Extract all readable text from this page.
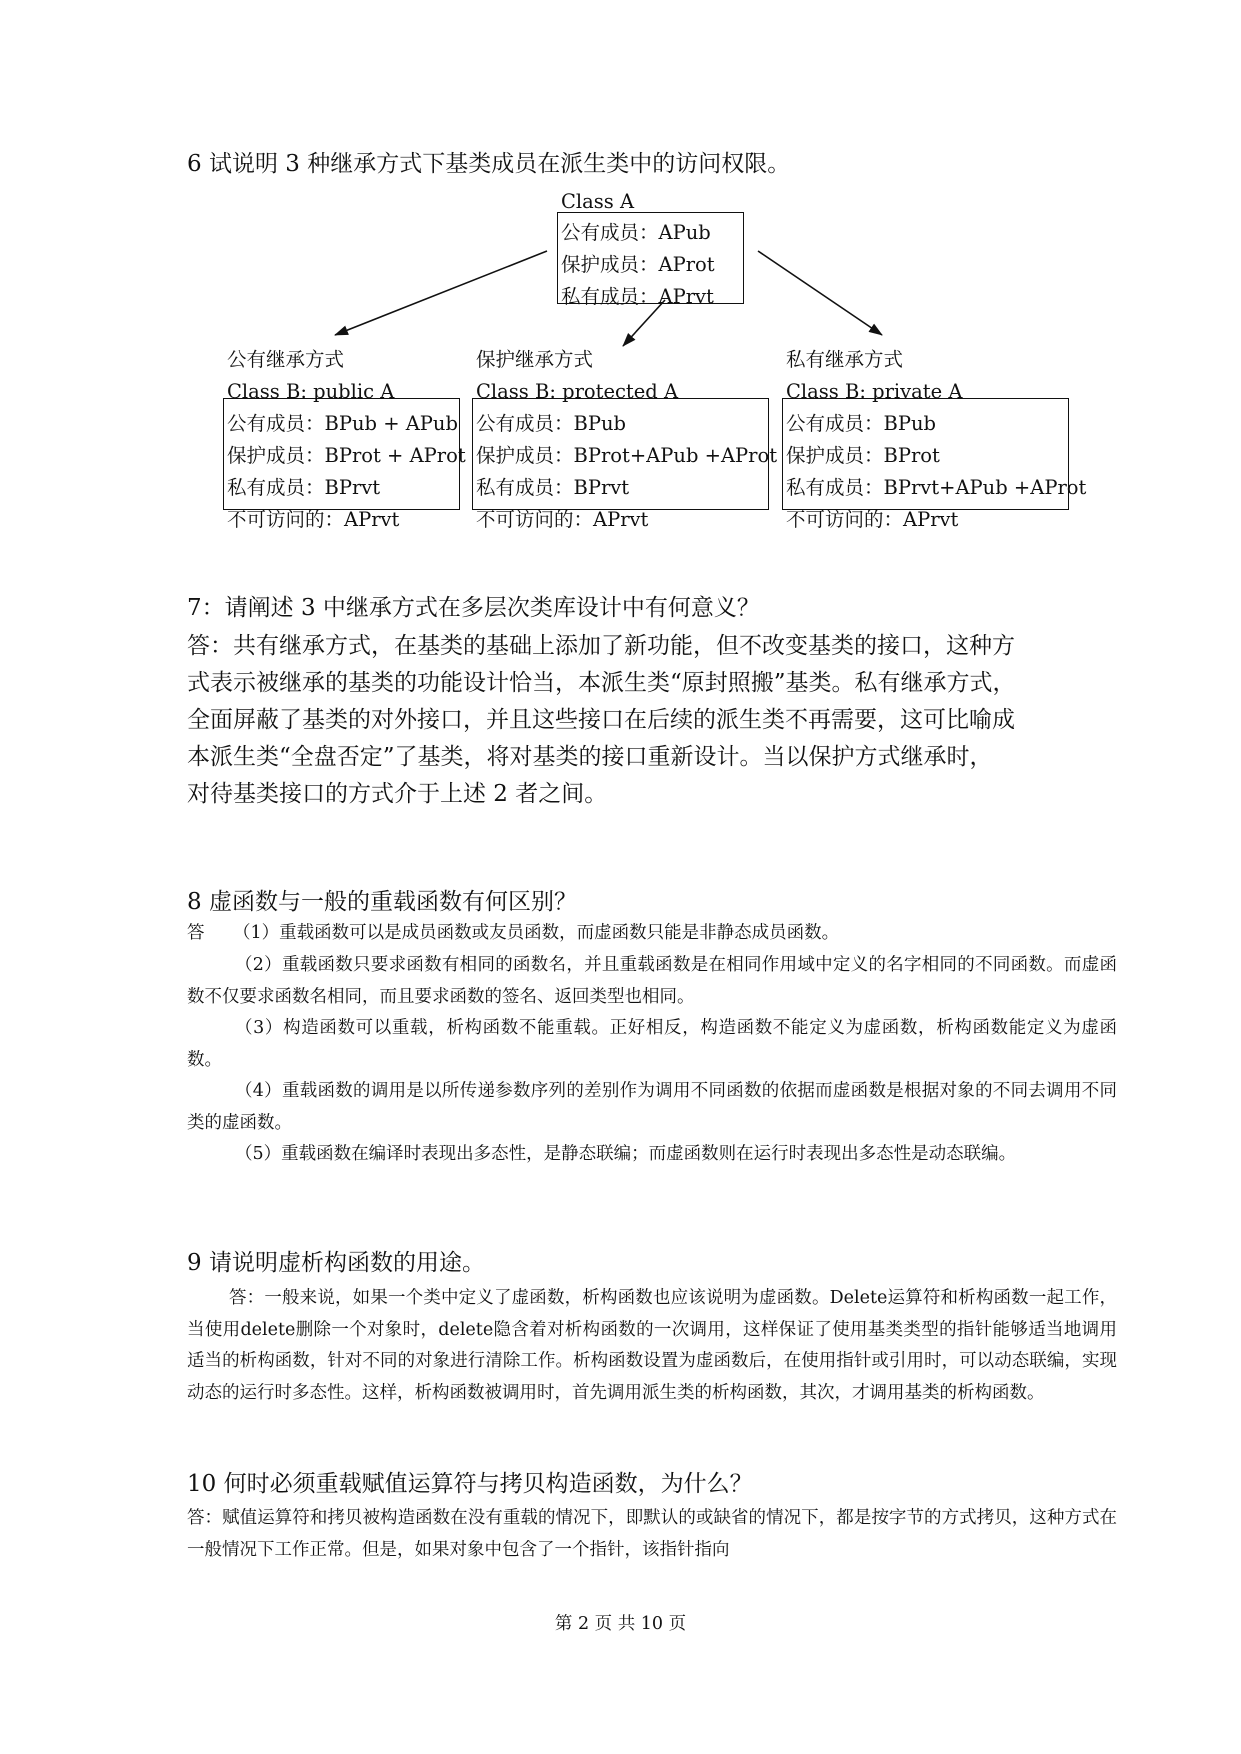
6 试说明 3 种继承方式下基类成员在派生类中的访问权限。
Class A
公有成员：APub
保护成员：AProt
私有成员：APrvt
公有继承方式
Class B: public A
公有成员：BPub + APub
保护成员：BProt + AProt
私有成员：BPrvt
不可访问的：APrvt
保护继承方式
Class B: protected A
公有成员：BPub
保护成员：BProt+APub +AProt
私有成员：BPrvt
不可访问的：APrvt
私有继承方式
Class B: private A
公有成员：BPub
保护成员：BProt
私有成员：BPrvt+APub +AProt
不可访问的：APrvt
7：请阐述 3 中继承方式在多层次类库设计中有何意义？
答：共有继承方式，在基类的基础上添加了新功能，但不改变基类的接口，这种方
式表示被继承的基类的功能设计恰当，本派生类“原封照搬”基类。私有继承方式，
全面屏蔽了基类的对外接口，并且这些接口在后续的派生类不再需要，这可比喻成
本派生类“全盘否定”了基类，将对基类的接口重新设计。当以保护方式继承时，
对待基类接口的方式介于上述 2 者之间。
8 虚函数与一般的重载函数有何区别？
答	（1）重载函数可以是成员函数或友员函数，而虚函数只能是非静态成员函数。
（2）重载函数只要求函数有相同的函数名，并且重载函数是在相同作用域中定义的名字相同的不同函数。而虚函数不仅要求函数名相同，而且要求函数的签名、返回类型也相同。
（3）构造函数可以重载，析构函数不能重载。正好相反，构造函数不能定义为虚函数，析构函数能定义为虚函数。
（4）重载函数的调用是以所传递参数序列的差别作为调用不同函数的依据而虚函数是根据对象的不同去调用不同类的虚函数。
（5）重载函数在编译时表现出多态性，是静态联编；而虚函数则在运行时表现出多态性是动态联编。
9 请说明虚析构函数的用途。
答：一般来说，如果一个类中定义了虚函数，析构函数也应该说明为虚函数。Delete运算符和析构函数一起工作，当使用delete删除一个对象时，delete隐含着对析构函数的一次调用，这样保证了使用基类类型的指针能够适当地调用适当的析构函数，针对不同的对象进行清除工作。析构函数设置为虚函数后，在使用指针或引用时，可以动态联编，实现动态的运行时多态性。这样，析构函数被调用时，首先调用派生类的析构函数，其次，才调用基类的析构函数。
10 何时必须重载赋值运算符与拷贝构造函数，为什么？
答：赋值运算符和拷贝被构造函数在没有重载的情况下，即默认的或缺省的情况下，都是按字节的方式拷贝，这种方式在一般情况下工作正常。但是，如果对象中包含了一个指针，该指针指向
第 2 页 共 10 页
